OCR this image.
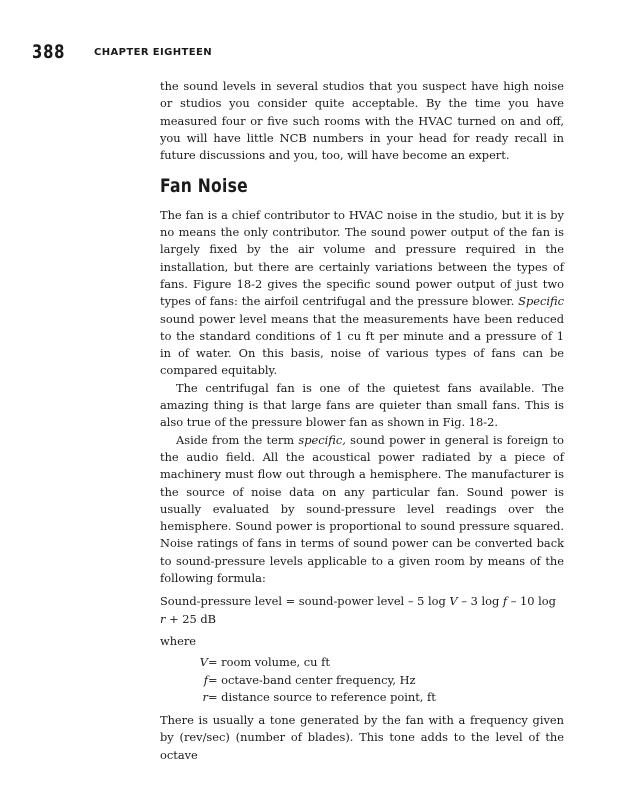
388	CHAPTER EIGHTEEN

the sound levels in several studios that you suspect have high noise or studios you consider quite acceptable. By the time you have measured four or five such rooms with the HVAC turned on and off, you will have little NCB numbers in your head for ready recall in future discussions and you, too, will have become an expert.

Fan Noise

The fan is a chief contributor to HVAC noise in the studio, but it is by no means the only contributor. The sound power output of the fan is largely fixed by the air volume and pressure required in the installation, but there are certainly variations between the types of fans. Figure 18-2 gives the specific sound power output of just two types of fans: the airfoil centrifugal and the pressure blower. Specific sound power level means that the measurements have been reduced to the standard conditions of 1 cu ft per minute and a pressure of 1 in of water. On this basis, noise of various types of fans can be compared equitably.

The centrifugal fan is one of the quietest fans available. The amazing thing is that large fans are quieter than small fans. This is also true of the pressure blower fan as shown in Fig. 18-2.

Aside from the term specific, sound power in general is foreign to the audio field. All the acoustical power radiated by a piece of machinery must flow out through a hemisphere. The manufacturer is the source of noise data on any particular fan. Sound power is usually evaluated by sound-pressure level readings over the hemisphere. Sound power is proportional to sound pressure squared. Noise ratings of fans in terms of sound power can be converted back to sound-pressure levels applicable to a given room by means of the following formula:

Sound-pressure level = sound-power level – 5 log V – 3 log f – 10 log
r + 25 dB

where

V = room volume, cu ft
f = octave-band center frequency, Hz
r = distance source to reference point, ft

There is usually a tone generated by the fan with a frequency given by (rev/sec) (number of blades). This tone adds to the level of the octave
